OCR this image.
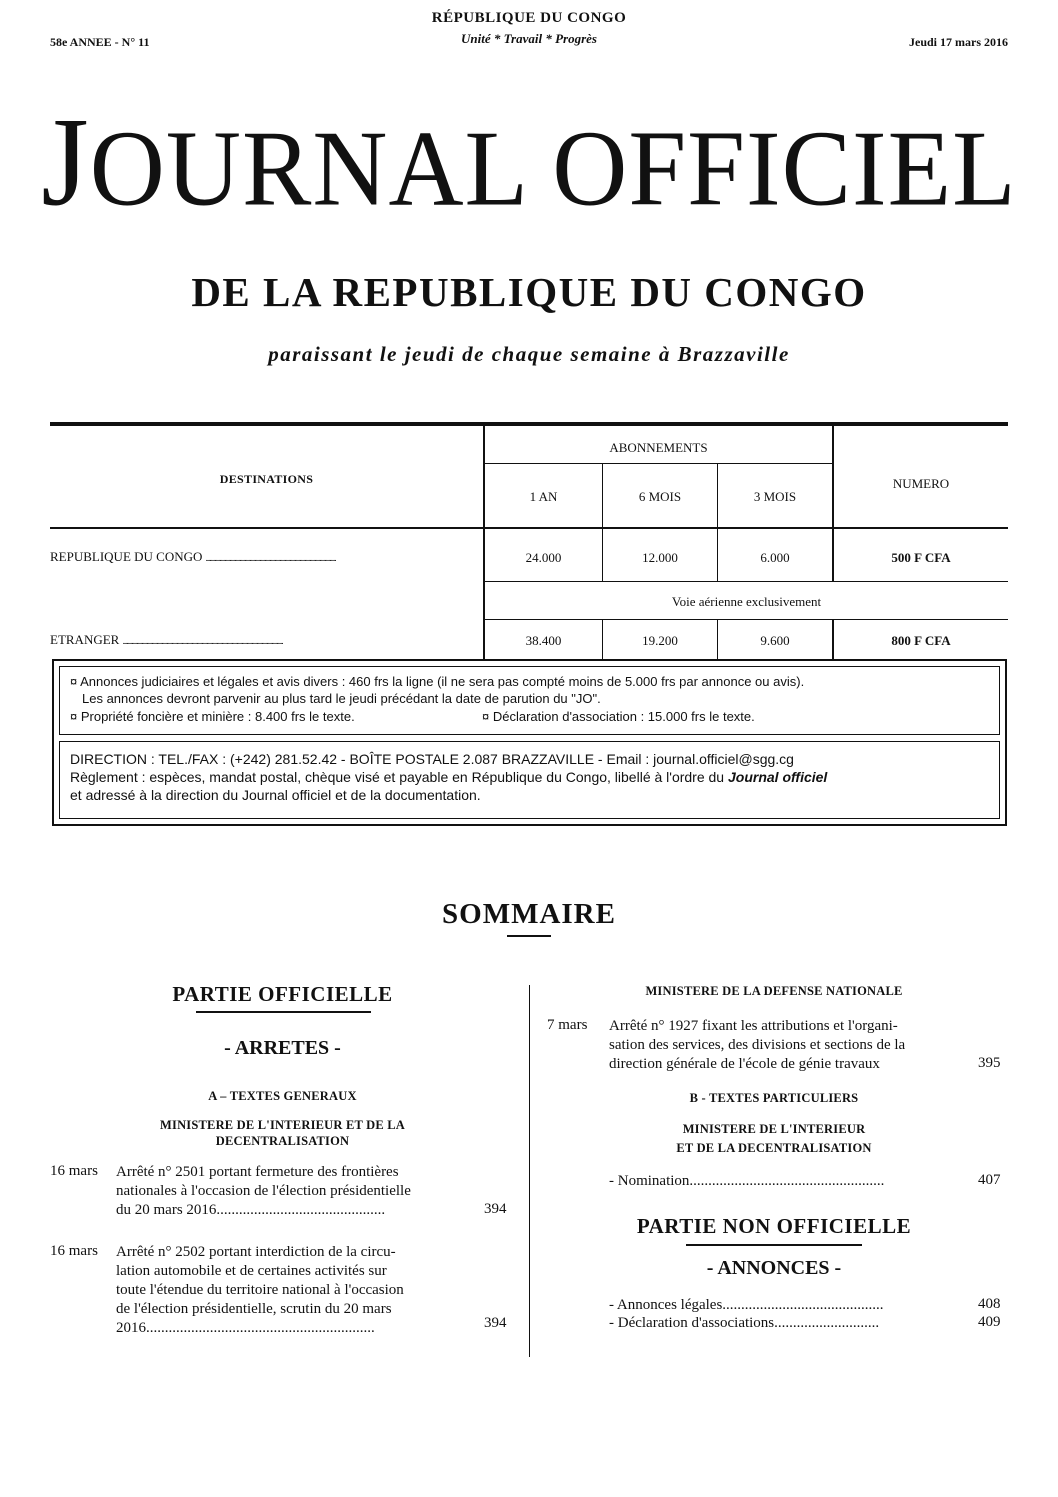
58e ANNEE - N° 11
RÉPUBLIQUE DU CONGO
Unité * Travail * Progrès	Jeudi 17 mars 2016
JOURNAL OFFICIEL
DE LA REPUBLIQUE DU CONGO
paraissant le jeudi de chaque semaine à Brazzaville
DESTINATIONS
ABONNEMENTS
NUMERO
1 AN	6 MOIS	3 MOIS
REPUBLIQUE DU CONGO ........................................................................................................	24.000	12.000	6.000	500 F CFA
Voie aérienne exclusivement
ETRANGER ................................................................................................................................	38.400	19.200	9.600	800 F CFA
¤ Annonces judiciaires et légales et avis divers : 460 frs la ligne (il ne sera pas compté moins de 5.000 frs par annonce ou avis).
Les annonces devront parvenir au plus tard le jeudi précédant la date de parution du "JO".
¤ Propriété foncière et minière : 8.400 frs le texte.	¤ Déclaration d'association : 15.000 frs le texte.
DIRECTION : TEL./FAX : (+242) 281.52.42 - BOÎTE POSTALE 2.087 BRAZZAVILLE - Email : journal.officiel@sgg.cg
Règlement : espèces, mandat postal, chèque visé et payable en République du Congo, libellé à l'ordre du Journal officiel
et adressé à la direction du Journal officiel et de la documentation.
SOMMAIRE
PARTIE OFFICIELLE
- ARRETES -
A – TEXTES GENERAUX
MINISTERE DE L'INTERIEUR ET DE LA DECENTRALISATION
16 mars Arrêté n° 2501 portant fermeture des frontières
nationales à l'occasion de l'élection présidentielle
du 20 mars 2016.............................................	394
16 mars Arrêté n° 2502 portant interdiction de la circu-
lation automobile et de certaines activités sur
toute l'étendue du territoire national à l'occasion
de l'élection présidentielle, scrutin du 20 mars
2016.............................................................	394
MINISTERE DE LA DEFENSE NATIONALE
7 mars Arrêté n° 1927 fixant les attributions et l'organi-
sation des services, des divisions et sections de la
direction générale de l'école de génie travaux	395
B - TEXTES PARTICULIERS
MINISTERE DE L'INTERIEUR
ET DE LA DECENTRALISATION
- Nomination....................................................	407
PARTIE NON OFFICIELLE
- ANNONCES -
- Annonces légales...........................................	408
- Déclaration d'associations............................	409
